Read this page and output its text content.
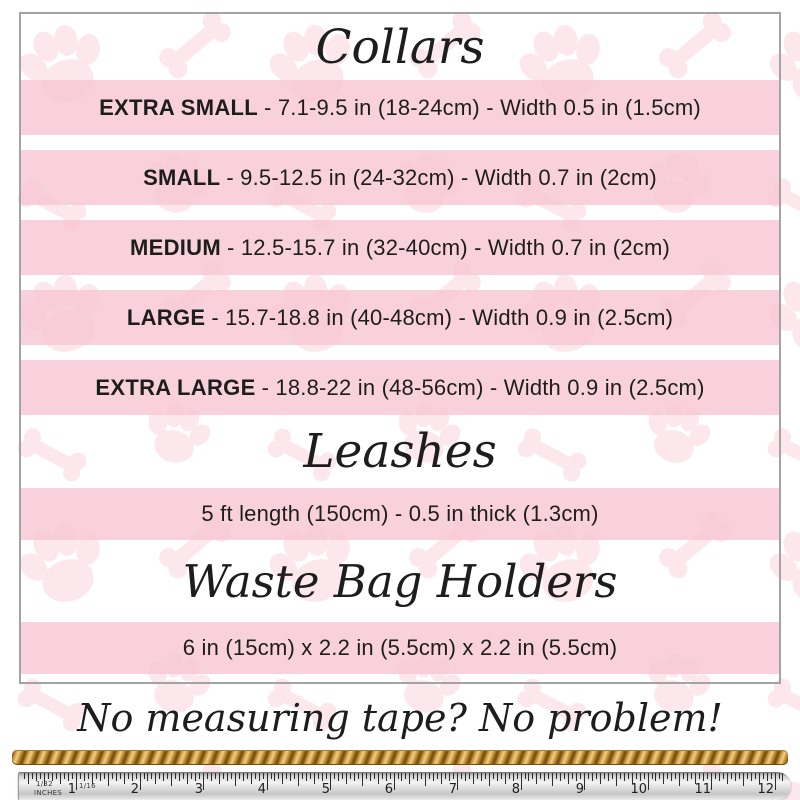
Collars
EXTRA SMALL - 7.1-9.5 in (18-24cm) - Width 0.5 in (1.5cm)
SMALL - 9.5-12.5 in (24-32cm) - Width 0.7 in (2cm)
MEDIUM - 12.5-15.7 in (32-40cm) - Width 0.7 in (2cm)
LARGE - 15.7-18.8 in (40-48cm) - Width 0.9 in (2.5cm)
EXTRA LARGE - 18.8-22 in (48-56cm) - Width 0.9 in (2.5cm)
Leashes
5 ft length (150cm) - 0.5 in thick (1.3cm)
Waste Bag Holders
6 in (15cm) x 2.2 in (5.5cm) x 2.2 in (5.5cm)
No measuring tape? No problem!
1	2	3	4	5	6	7	8	9	10	11	12
1/32
INCHES
1/16
